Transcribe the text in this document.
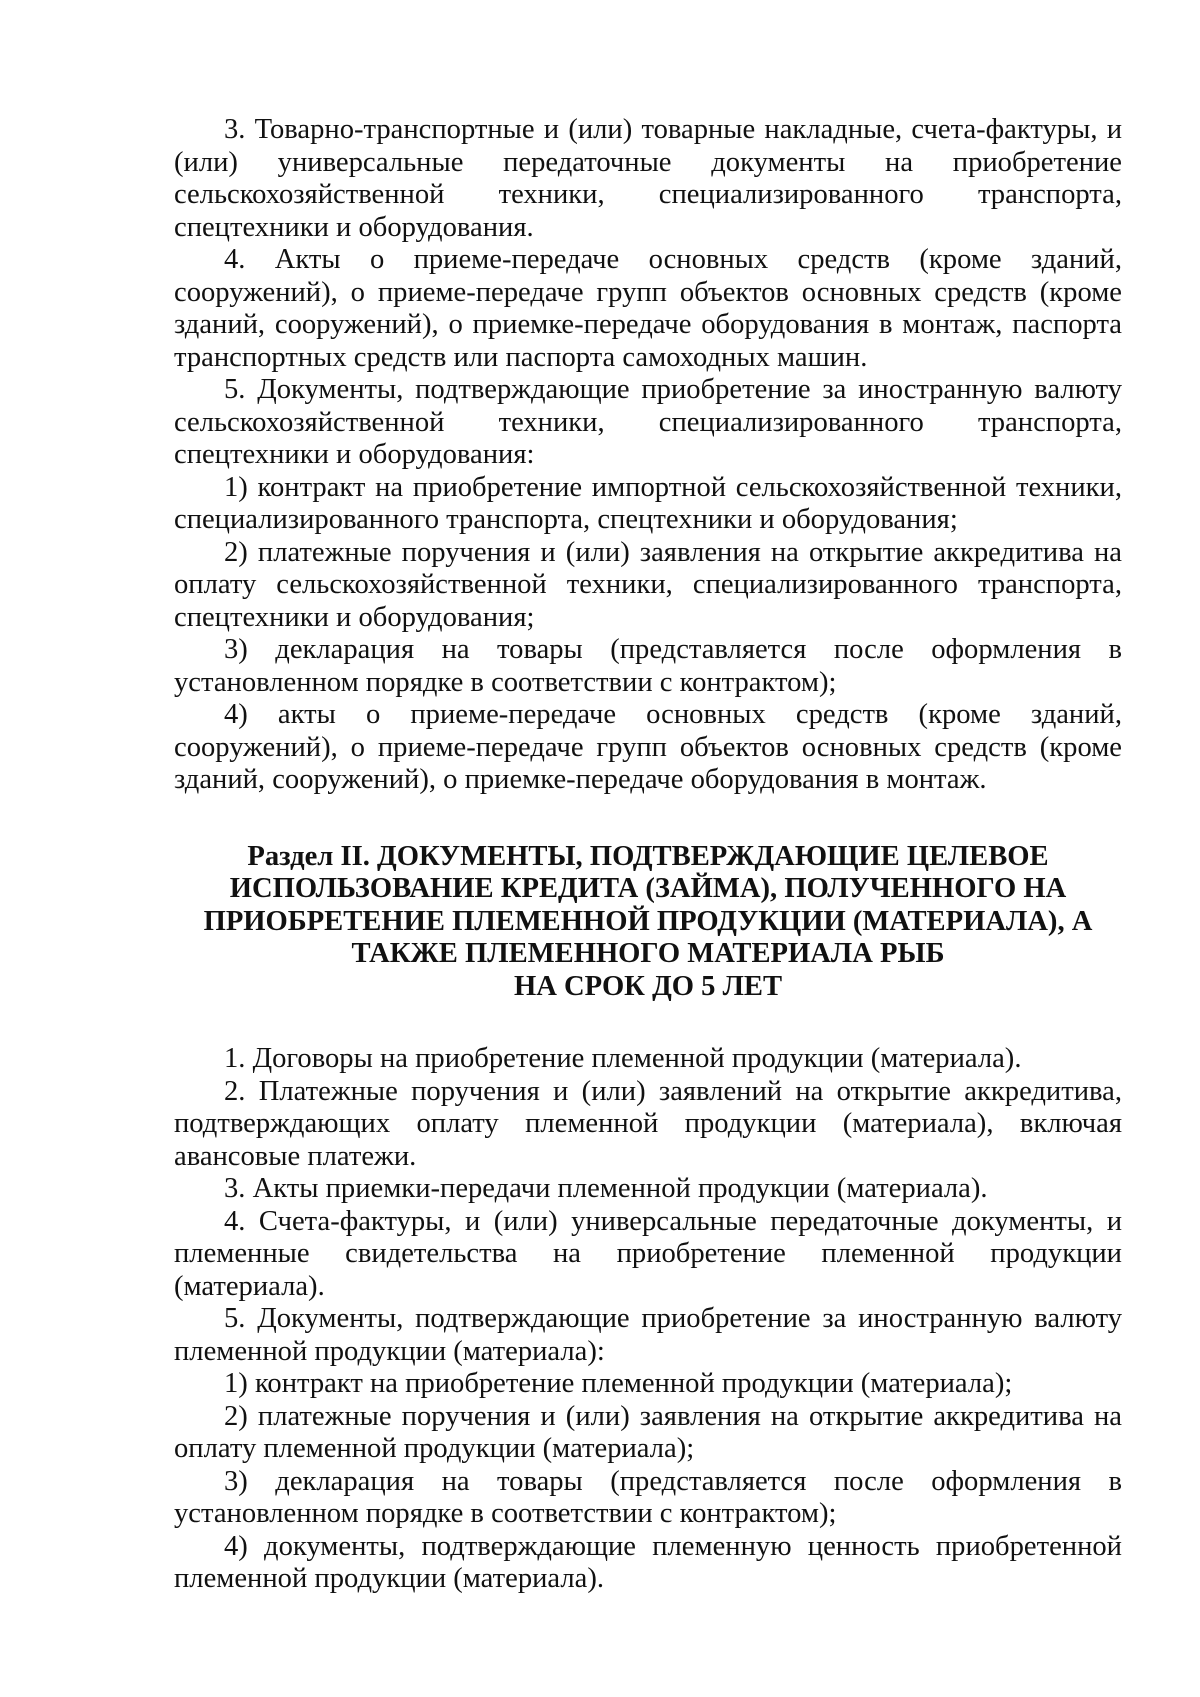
3. Товарно-транспортные и (или) товарные накладные, счета-фактуры, и (или) универсальные передаточные документы на приобретение сельскохозяйственной техники, специализированного транспорта, спецтехники и оборудования.

4. Акты о приеме-передаче основных средств (кроме зданий, сооружений), о приеме-передаче групп объектов основных средств (кроме зданий, сооружений), о приемке-передаче оборудования в монтаж, паспорта транспортных средств или паспорта самоходных машин.

5. Документы, подтверждающие приобретение за иностранную валюту сельскохозяйственной техники, специализированного транспорта, спецтехники и оборудования:

1) контракт на приобретение импортной сельскохозяйственной техники, специализированного транспорта, спецтехники и оборудования;

2) платежные поручения и (или) заявления на открытие аккредитива на оплату сельскохозяйственной техники, специализированного транспорта, спецтехники и оборудования;

3) декларация на товары (представляется после оформления в установленном порядке в соответствии с контрактом);

4) акты о приеме-передаче основных средств (кроме зданий, сооружений), о приеме-передаче групп объектов основных средств (кроме зданий, сооружений), о приемке-передаче оборудования в монтаж.

Раздел II. ДОКУМЕНТЫ, ПОДТВЕРЖДАЮЩИЕ ЦЕЛЕВОЕ
ИСПОЛЬЗОВАНИЕ КРЕДИТА (ЗАЙМА), ПОЛУЧЕННОГО НА
ПРИОБРЕТЕНИЕ ПЛЕМЕННОЙ ПРОДУКЦИИ (МАТЕРИАЛА), А
ТАКЖЕ ПЛЕМЕННОГО МАТЕРИАЛА РЫБ
НА СРОК ДО 5 ЛЕТ

1. Договоры на приобретение племенной продукции (материала).

2. Платежные поручения и (или) заявлений на открытие аккредитива, подтверждающих оплату племенной продукции (материала), включая авансовые платежи.

3. Акты приемки-передачи племенной продукции (материала).

4. Счета-фактуры, и (или) универсальные передаточные документы, и племенные свидетельства на приобретение племенной продукции (материала).

5. Документы, подтверждающие приобретение за иностранную валюту племенной продукции (материала):

1) контракт на приобретение племенной продукции (материала);

2) платежные поручения и (или) заявления на открытие аккредитива на оплату племенной продукции (материала);

3) декларация на товары (представляется после оформления в установленном порядке в соответствии с контрактом);

4) документы, подтверждающие племенную ценность приобретенной племенной продукции (материала).
